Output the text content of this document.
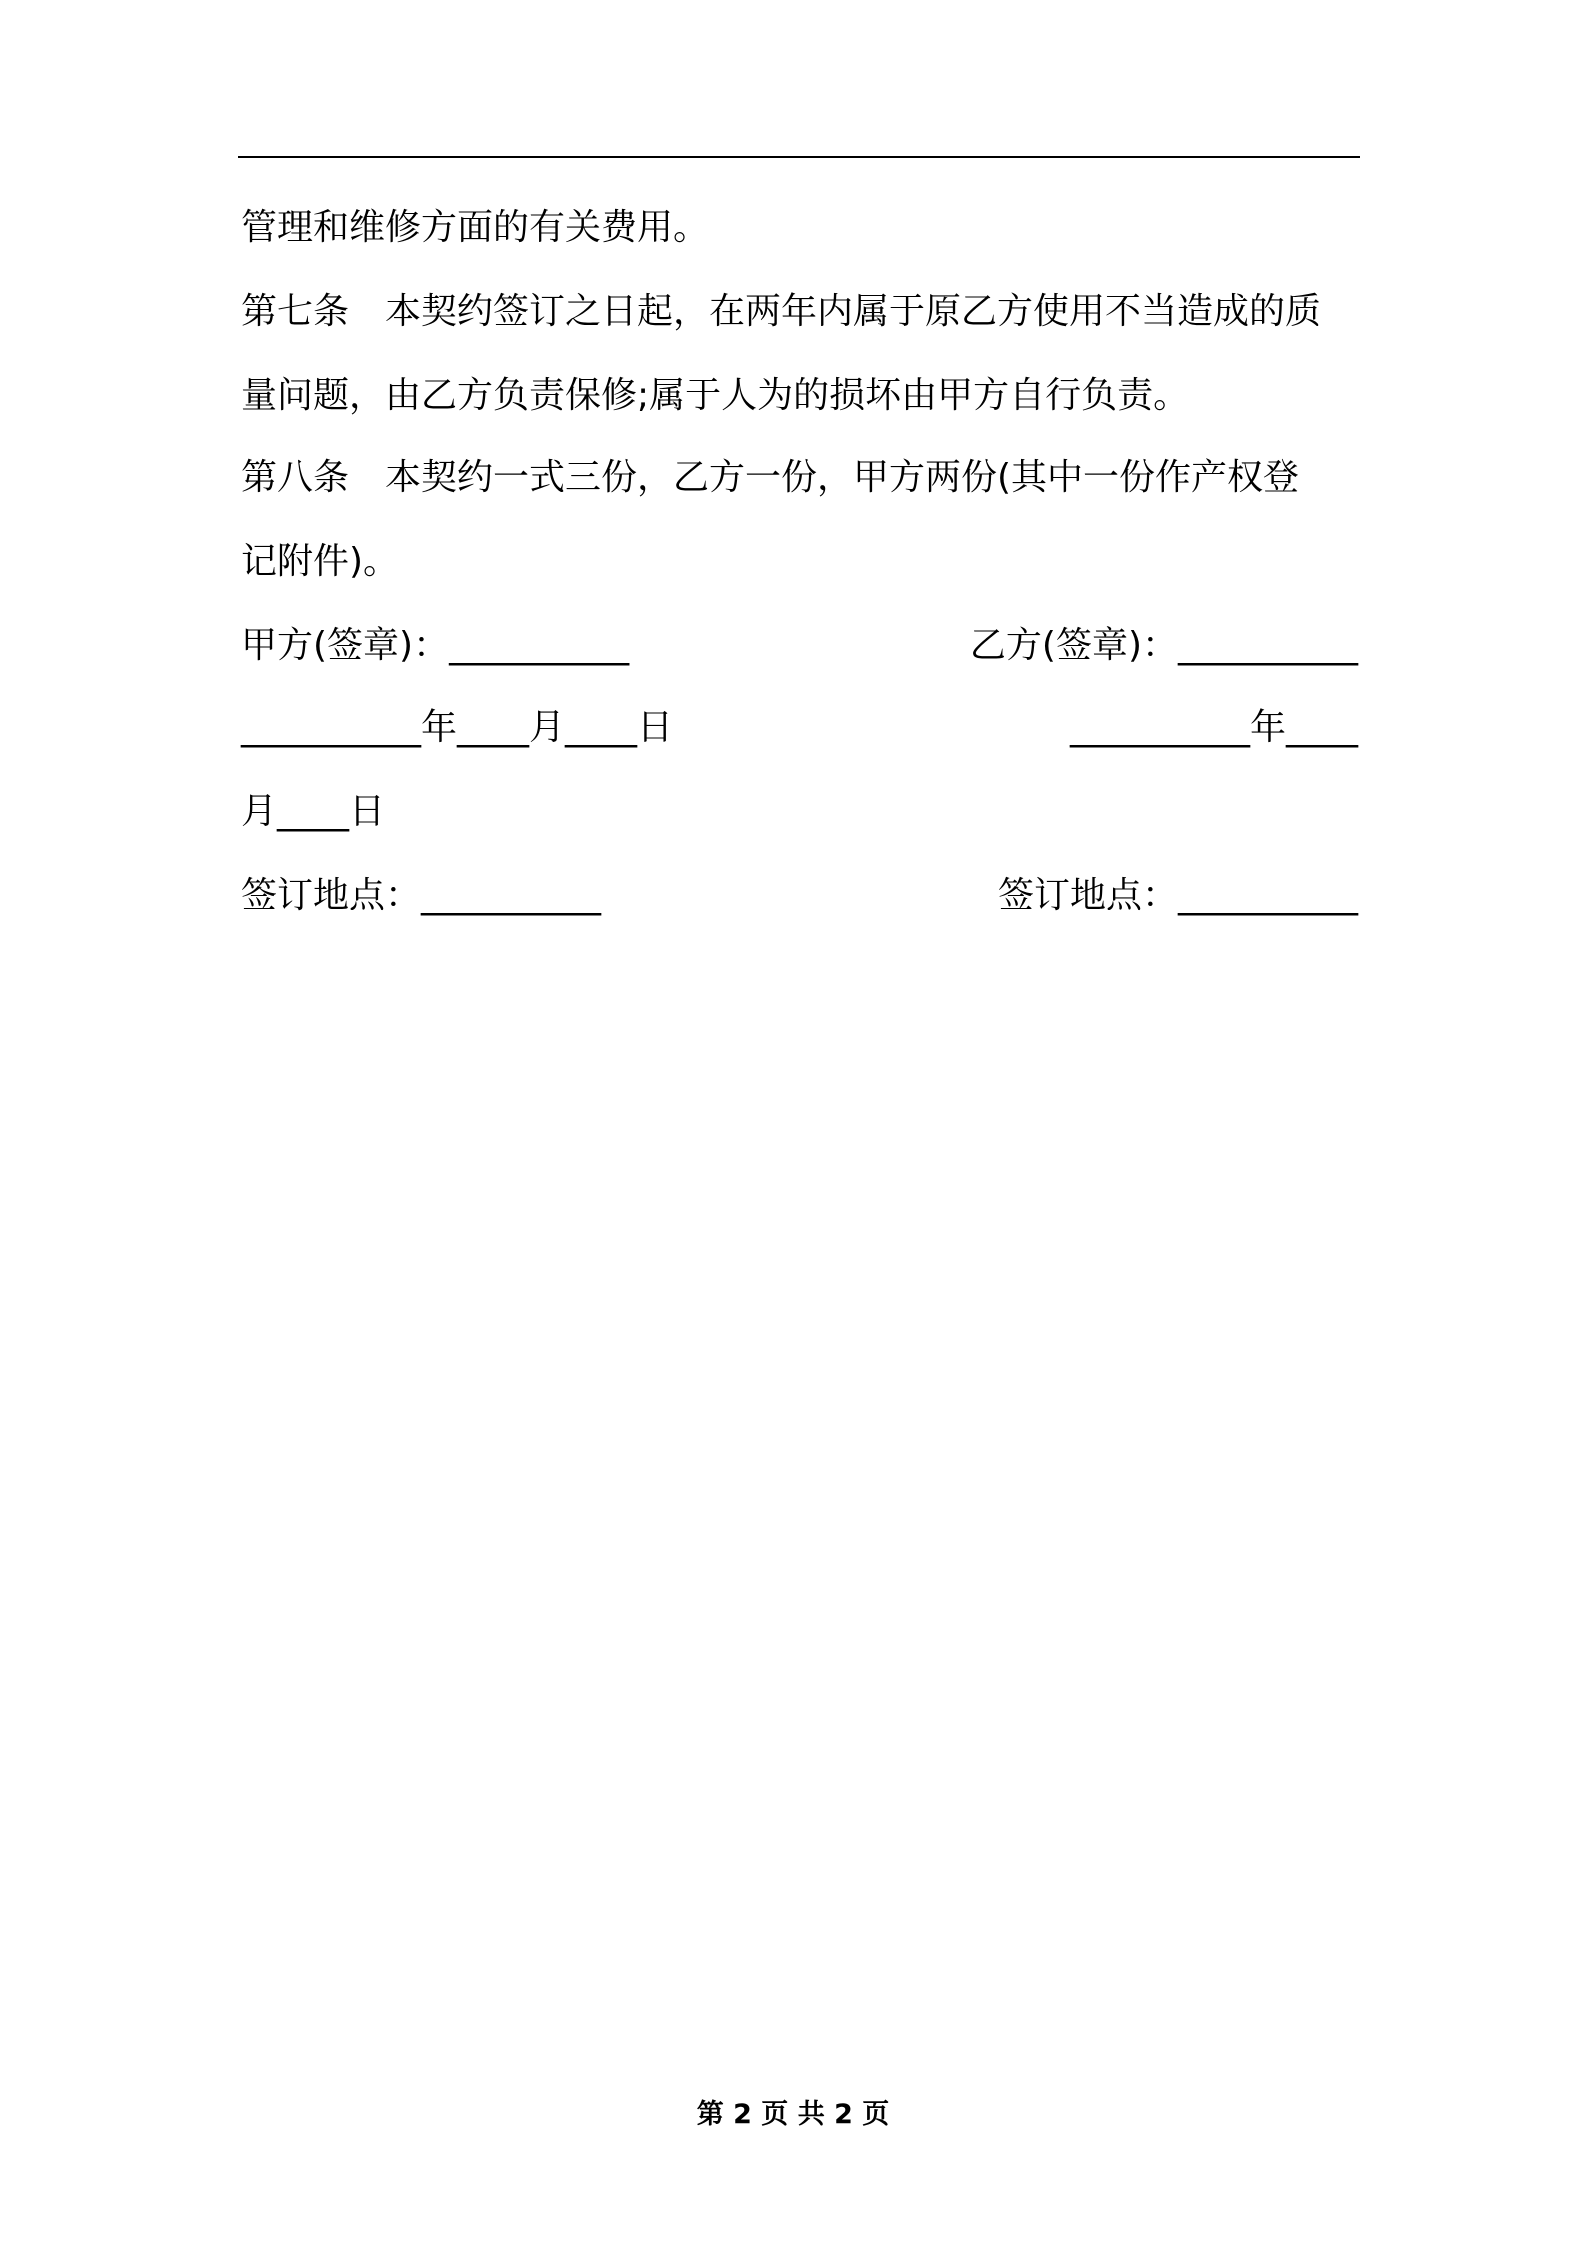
管理和维修方面的有关费用。
第七条　本契约签订之日起，在两年内属于原乙方使用不当造成的质
量问题，由乙方负责保修;属于人为的损坏由甲方自行负责。
第八条　本契约一式三份，乙方一份，甲方两份(其中一份作产权登
记附件)。
甲方(签章)：__________	乙方(签章)：__________
__________年____月____日	__________年____
月____日
签订地点：__________	签订地点：__________
第 2 页 共 2 页
